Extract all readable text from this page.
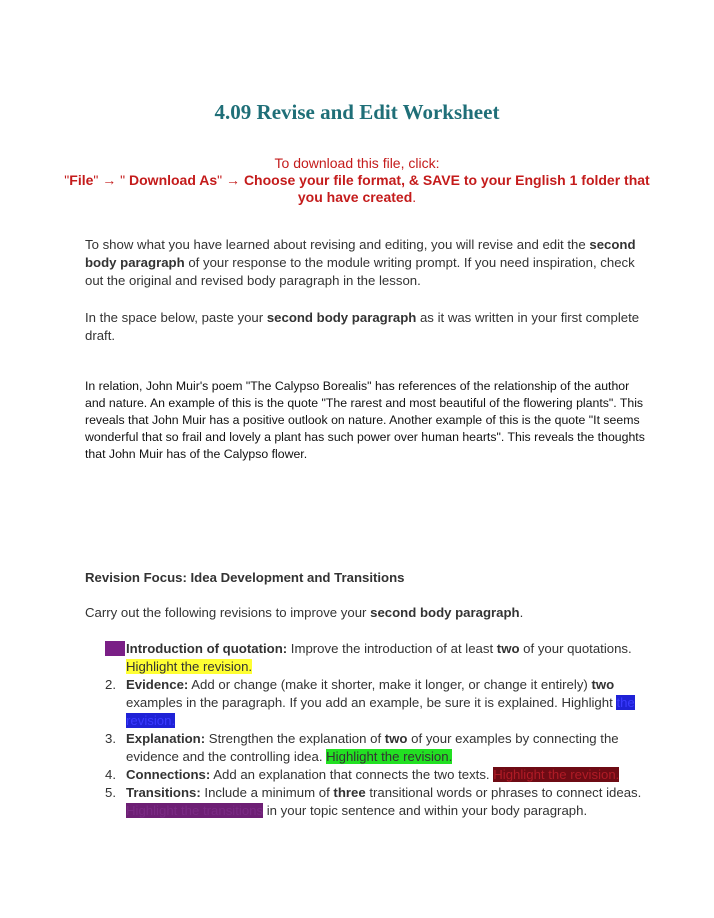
4.09 Revise and Edit Worksheet
To download this file, click:
"File" → " Download As" → Choose your file format, & SAVE to your English 1 folder that you have created.
To show what you have learned about revising and editing, you will revise and edit the second body paragraph of your response to the module writing prompt. If you need inspiration, check out the original and revised body paragraph in the lesson.
In the space below, paste your second body paragraph as it was written in your first complete draft.
In relation, John Muir's poem "The Calypso Borealis" has references of the relationship of the author and nature. An example of this is the quote "The rarest and most beautiful of the flowering plants". This reveals that John Muir has a positive outlook on nature. Another example of this is the quote "It seems wonderful that so frail and lovely a plant has such power over human hearts". This reveals the thoughts that John Muir has of the Calypso flower.
Revision Focus: Idea Development and Transitions
Carry out the following revisions to improve your second body paragraph.
Introduction of quotation: Improve the introduction of at least two of your quotations. Highlight the revision.
2. Evidence: Add or change (make it shorter, make it longer, or change it entirely) two examples in the paragraph. If you add an example, be sure it is explained. Highlight the revision.
3. Explanation: Strengthen the explanation of two of your examples by connecting the evidence and the controlling idea. Highlight the revision.
4. Connections: Add an explanation that connects the two texts. Highlight the revision.
5. Transitions: Include a minimum of three transitional words or phrases to connect ideas. Highlight the transitions in your topic sentence and within your body paragraph.
